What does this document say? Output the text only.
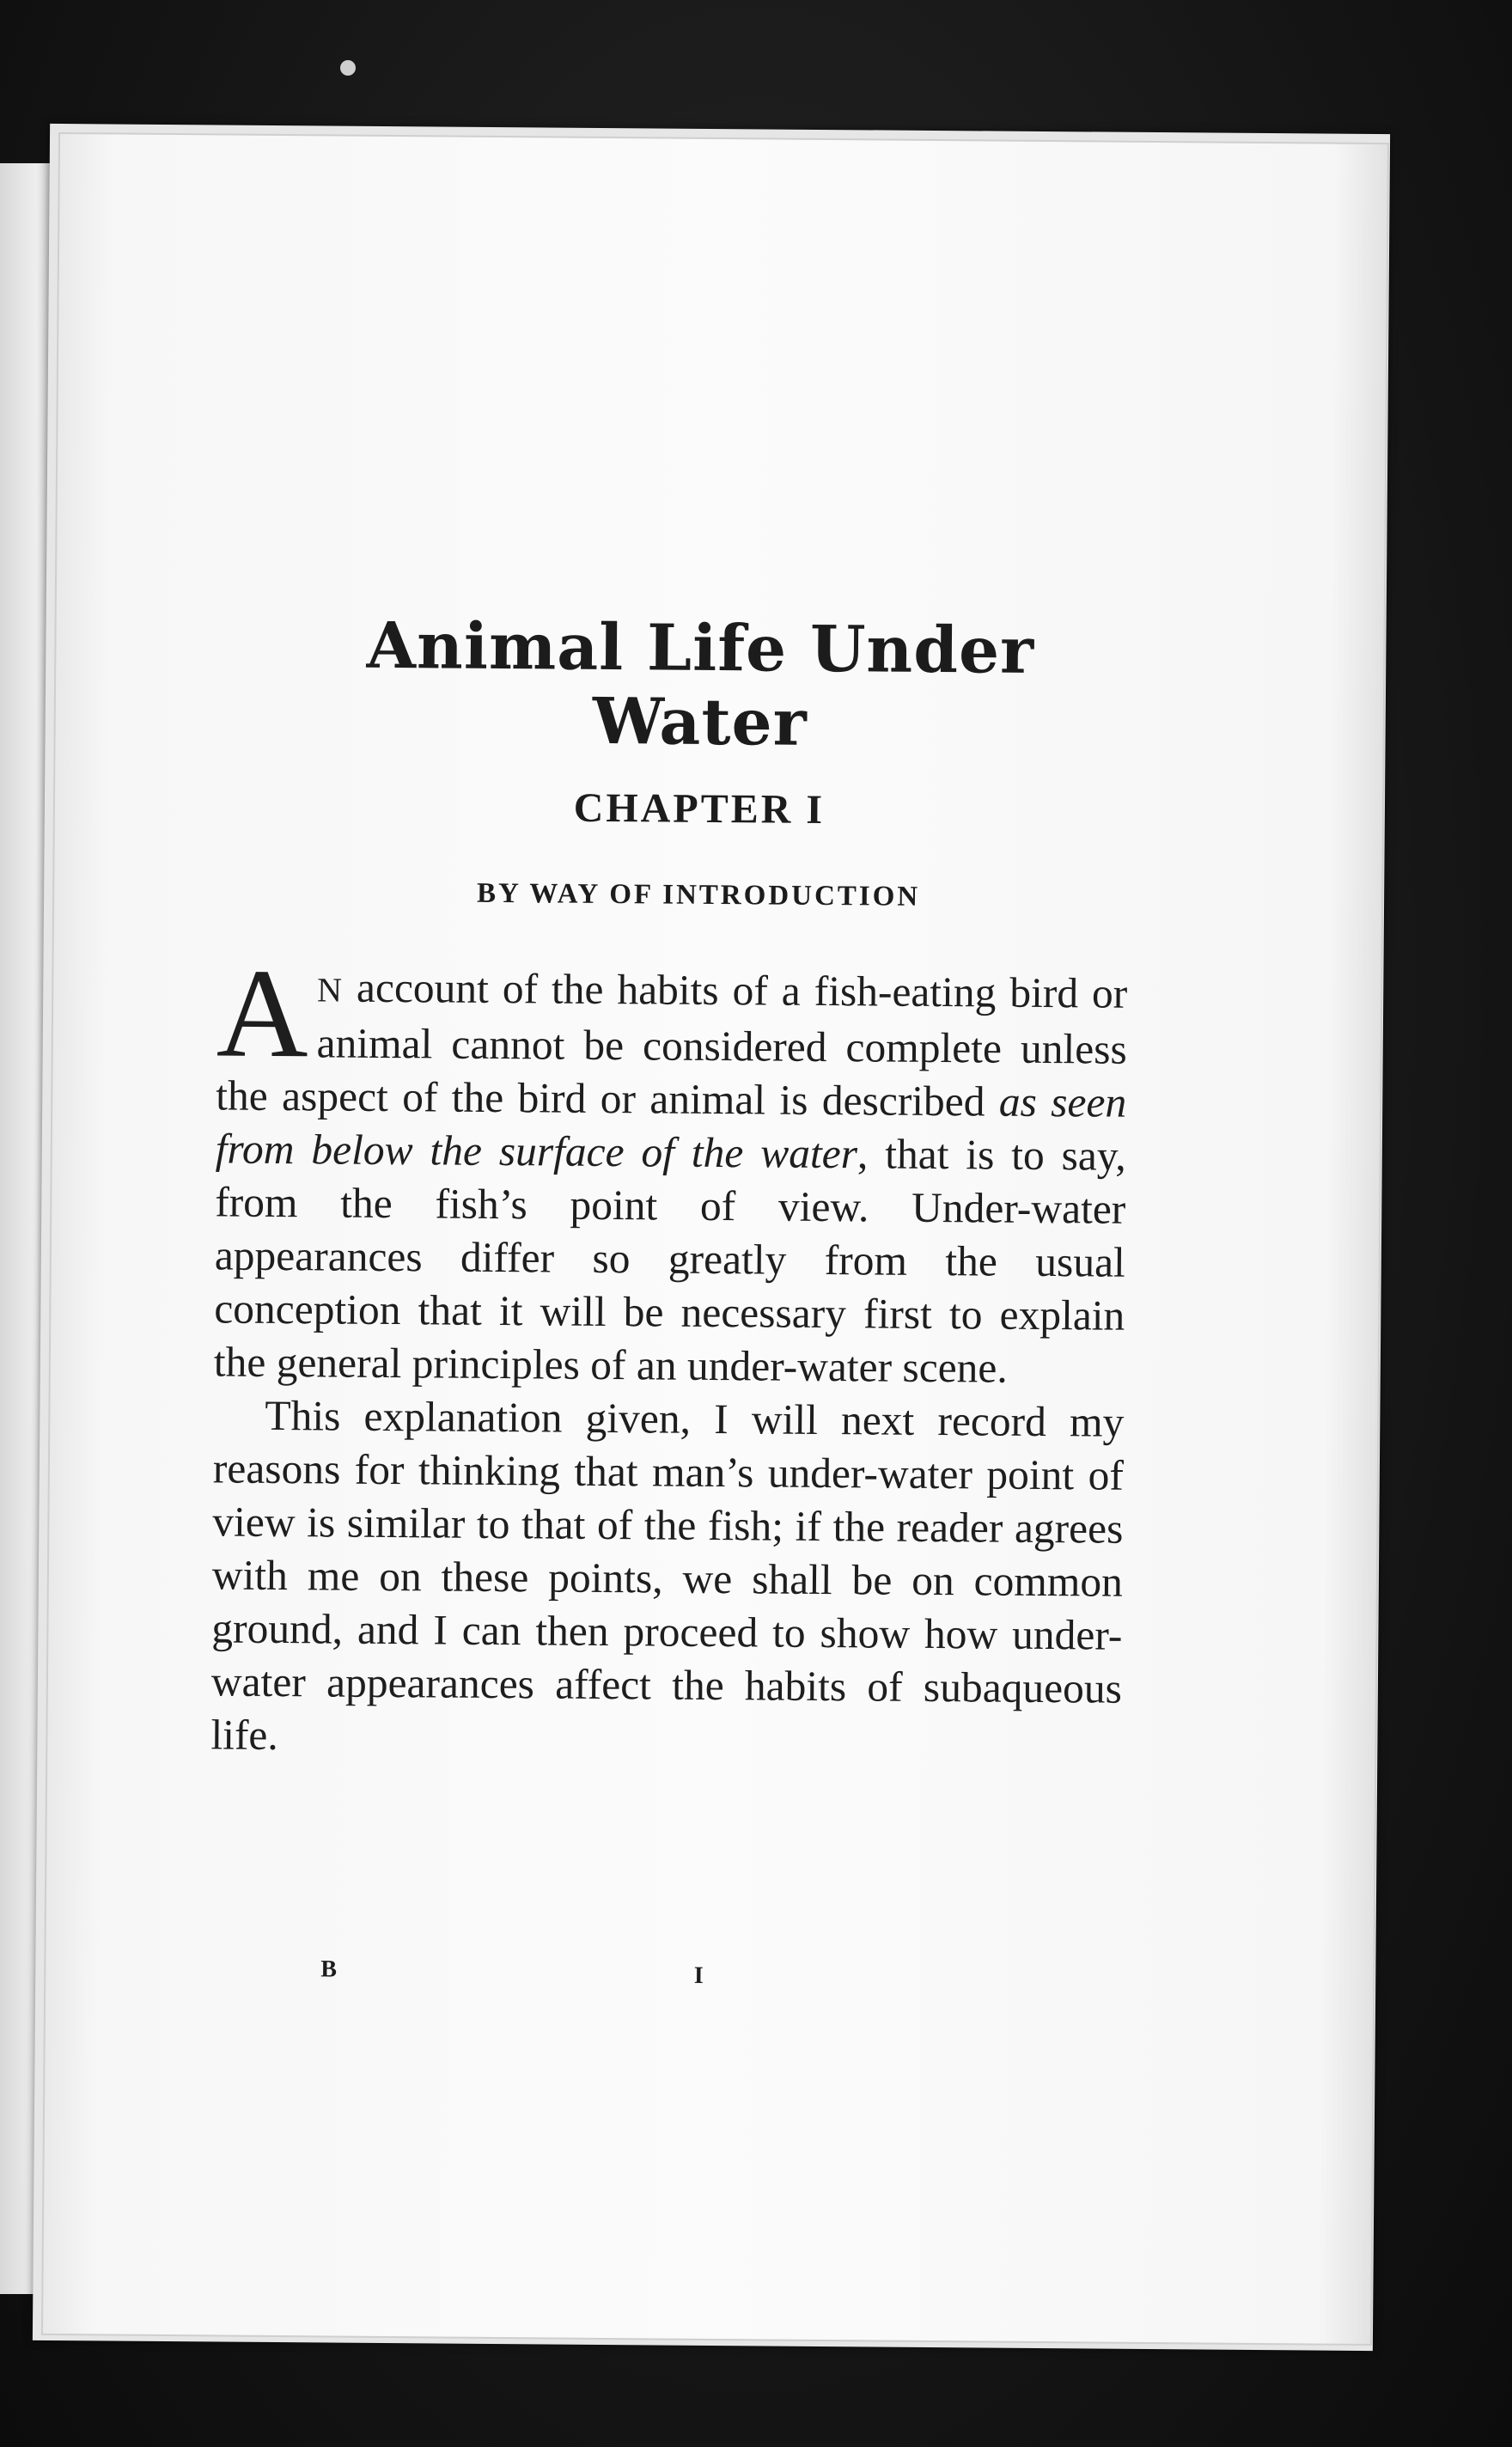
Animal Life Under Water
CHAPTER I
BY WAY OF INTRODUCTION

A N account of the habits of a fish-eating bird or animal cannot be considered complete unless the aspect of the bird or animal is described as seen from below the surface of the water, that is to say, from the fish’s point of view. Under-water appearances differ so greatly from the usual conception that it will be necessary first to explain the general principles of an under-water scene.

This explanation given, I will next record my reasons for thinking that man’s under-water point of view is similar to that of the fish; if the reader agrees with me on these points, we shall be on common ground, and I can then proceed to show how under-water appearances affect the habits of subaqueous life.

B	I
